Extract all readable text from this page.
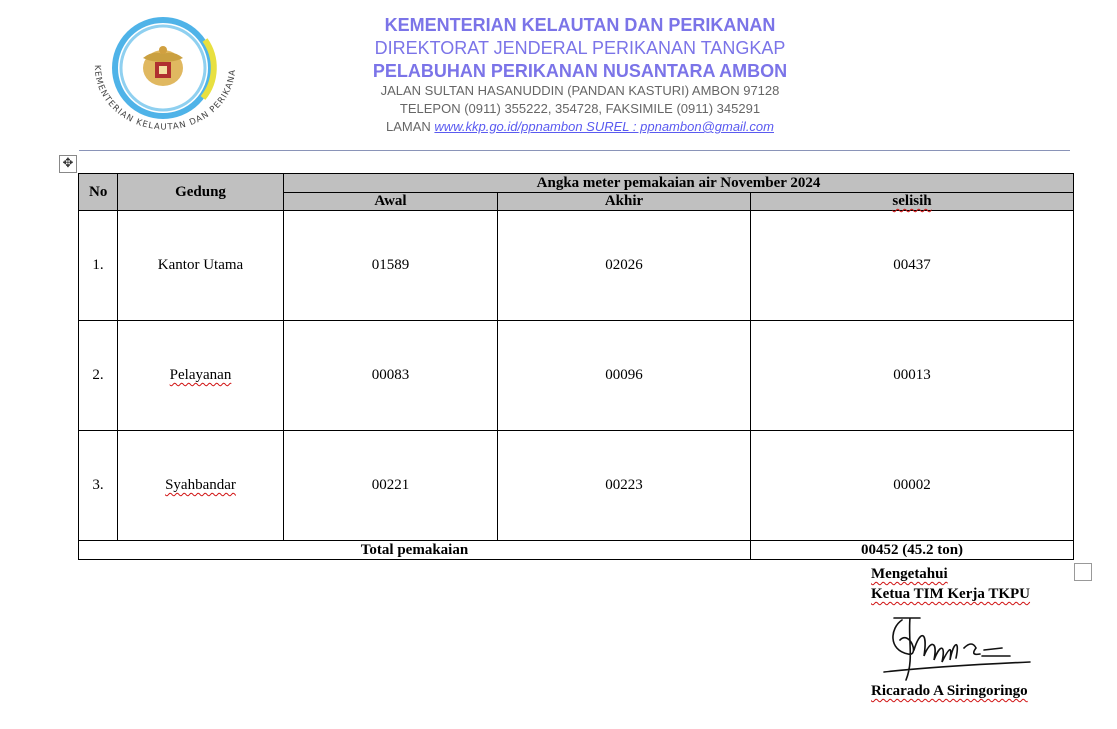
KEMENTERIAN KELAUTAN DAN PERIKANA
KEMENTERIAN KELAUTAN DAN PERIKANAN
DIREKTORAT JENDERAL PERIKANAN TANGKAP
PELABUHAN PERIKANAN NUSANTARA AMBON
JALAN SULTAN HASANUDDIN (PANDAN KASTURI) AMBON 97128
TELEPON (0911) 355222, 354728, FAKSIMILE (0911) 345291
LAMAN www.kkp.go.id/ppnambon SUREL : ppnambon@gmail.com
✥
No	Gedung	Angka meter pemakaian air November 2024		
		Awal	Akhir	selisih
1.	Kantor Utama	01589	02026	00437
2.	Pelayanan	00083	00096	00013
3.	Syahbandar	00221	00223	00002
Total pemakaian				00452 (45.2 ton)
Mengetahui
Ketua TIM Kerja TKPU
Ricarado A Siringoringo
